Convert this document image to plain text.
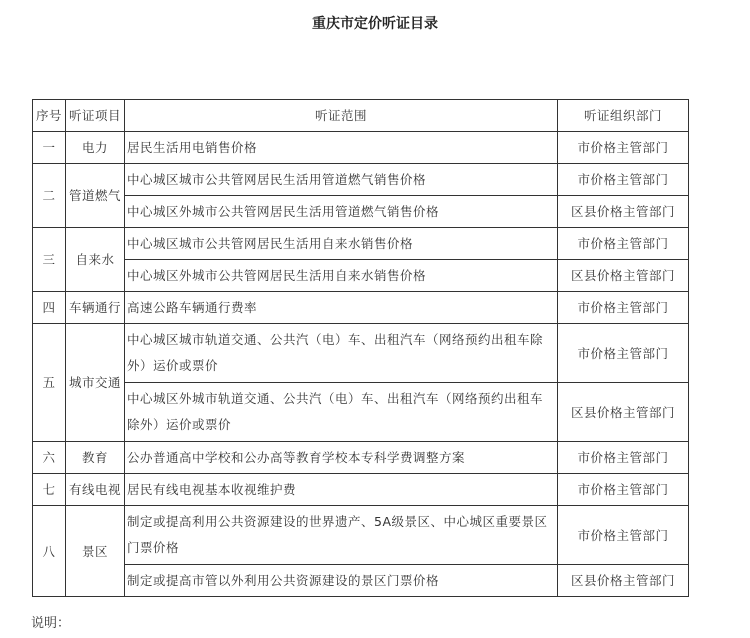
重庆市定价听证目录
序号	听证项目	听证范围	听证组织部门
一	电力	居民生活用电销售价格	市价格主管部门
二	管道燃气	中心城区城市公共管网居民生活用管道燃气销售价格	市价格主管部门
		中心城区外城市公共管网居民生活用管道燃气销售价格	区县价格主管部门
三	自来水	中心城区城市公共管网居民生活用自来水销售价格	市价格主管部门
		中心城区外城市公共管网居民生活用自来水销售价格	区县价格主管部门
四	车辆通行	高速公路车辆通行费率	市价格主管部门
五	城市交通	中心城区城市轨道交通、公共汽（电）车、出租汽车（网络预约出租车除外）运价或票价	市价格主管部门
		中心城区外城市轨道交通、公共汽（电）车、出租汽车（网络预约出租车除外）运价或票价	区县价格主管部门
六	教育	公办普通高中学校和公办高等教育学校本专科学费调整方案	市价格主管部门
七	有线电视	居民有线电视基本收视维护费	市价格主管部门
八	景区	制定或提高利用公共资源建设的世界遗产、5A级景区、中心城区重要景区门票价格	市价格主管部门
		制定或提高市管以外利用公共资源建设的景区门票价格	区县价格主管部门
说明：
